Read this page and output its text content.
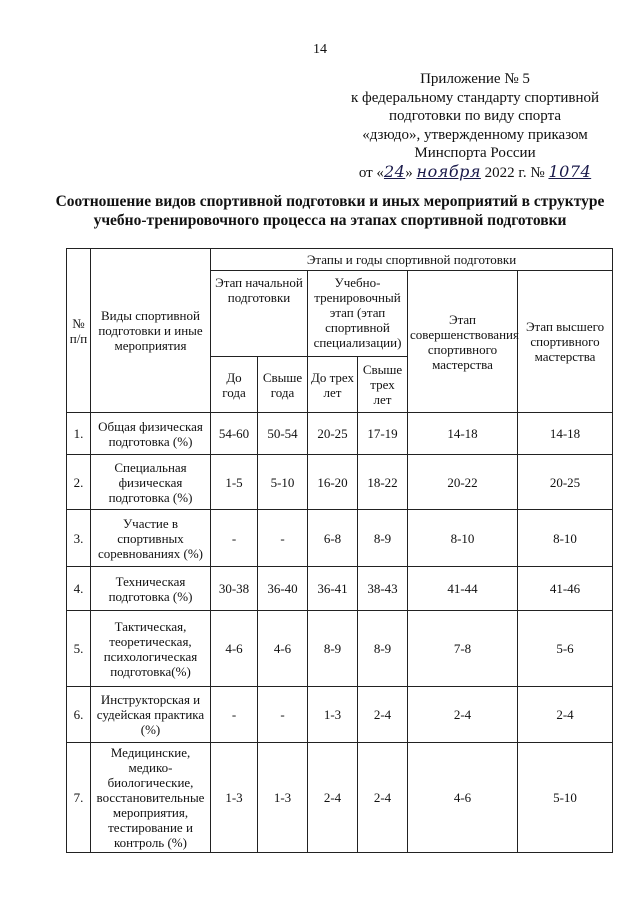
14
Приложение № 5
к федеральному стандарту спортивной
подготовки по виду спорта
«дзюдо», утвержденному приказом
Минспорта России
от «24» ноября 2022 г. № 1074
Соотношение видов спортивной подготовки и иных мероприятий в структуре
учебно-тренировочного процесса на этапах спортивной подготовки
№ п/п	Виды спортивной подготовки и иные мероприятия	Этапы и годы спортивной подготовки					
		Этап начальной подготовки		Учебно-тренировочный этап (этап спортивной специализации)		Этап совершенствования спортивного мастерства	Этап высшего спортивного мастерства
		До года	Свыше года	До трех лет	Свыше трех лет		
1.	Общая физическая подготовка (%)	54-60	50-54	20-25	17-19	14-18	14-18
2.	Специальная физическая подготовка (%)	1-5	5-10	16-20	18-22	20-22	20-25
3.	Участие в спортивных соревнованиях (%)	-	-	6-8	8-9	8-10	8-10
4.	Техническая подготовка (%)	30-38	36-40	36-41	38-43	41-44	41-46
5.	Тактическая, теоретическая, психологическая подготовка(%)	4-6	4-6	8-9	8-9	7-8	5-6
6.	Инструкторская и судейская практика (%)	-	-	1-3	2-4	2-4	2-4
7.	Медицинские, медико-биологические, восстановительные мероприятия, тестирование и контроль (%)	1-3	1-3	2-4	2-4	4-6	5-10
